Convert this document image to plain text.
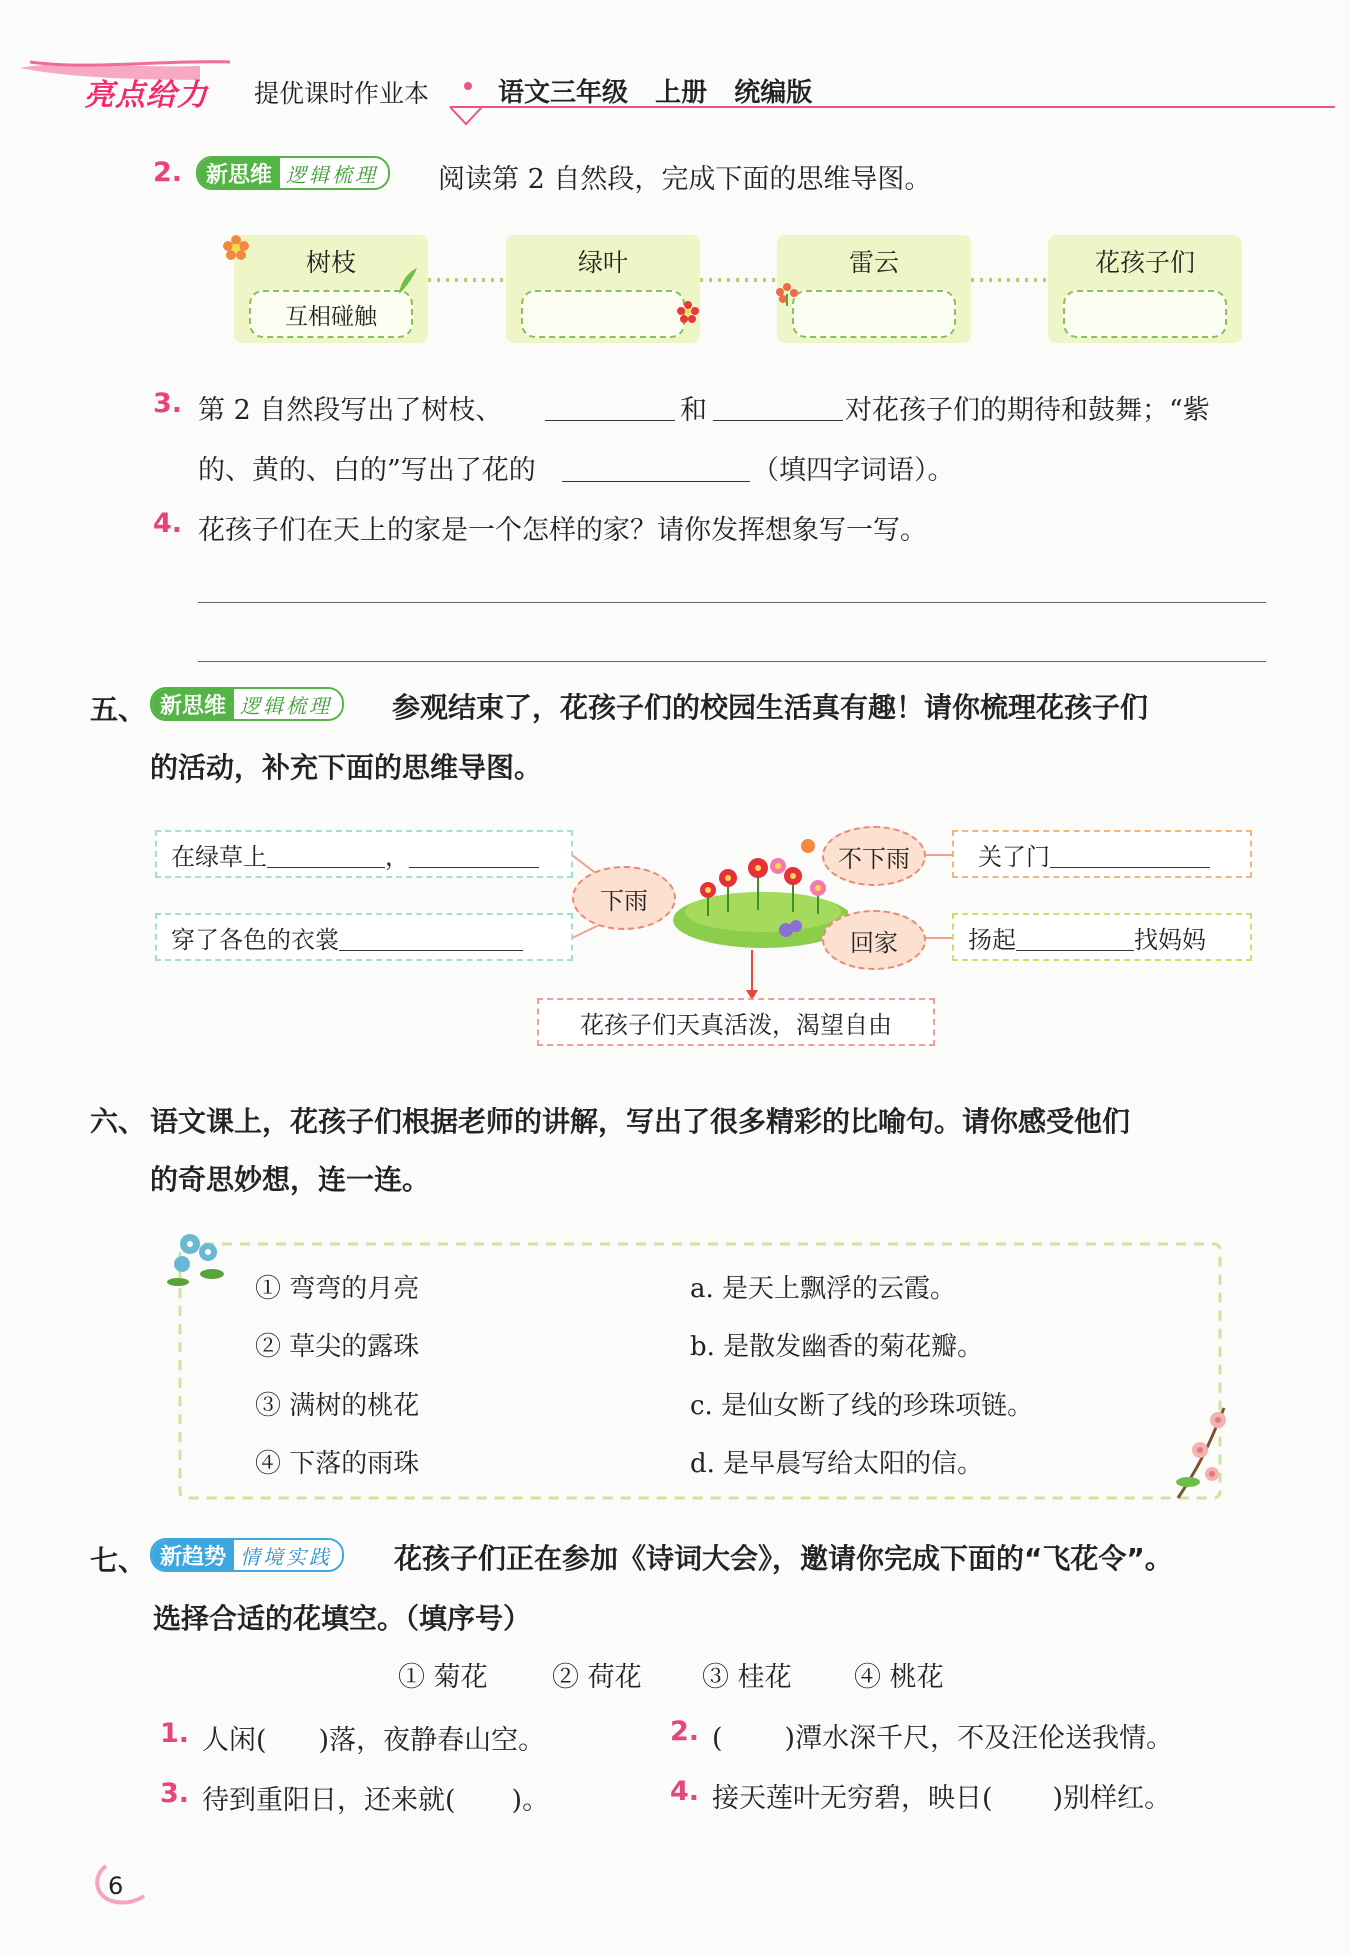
亮点给力 提优课时作业本	语文三年级   上册   统编版
2.	新思维 逻辑梳理	阅读第 2 自然段，完成下面的思维导图。
树枝
互相碰触
绿叶	雷云	花孩子们
3. 第 2 自然段写出了树枝、	和	对花孩子们的期待和鼓舞；“紫
的、黄的、白的”写出了花的	（填四字词语）。
4. 花孩子们在天上的家是一个怎样的家？请你发挥想象写一写。
五、 新思维 逻辑梳理	参观结束了，花孩子们的校园生活真有趣！请你梳理花孩子们
的活动，补充下面的思维导图。
在绿草上	，
穿了各色的衣裳
下雨
不下雨
回家
关了门
扬起	找妈妈
花孩子们天真活泼，渴望自由
六、 语文课上，花孩子们根据老师的讲解，写出了很多精彩的比喻句。请你感受他们
的奇思妙想，连一连。
① 弯弯的月亮
② 草尖的露珠
③ 满树的桃花
④ 下落的雨珠
a. 是天上飘浮的云霞。
b. 是散发幽香的菊花瓣。
c. 是仙女断了线的珍珠项链。
d. 是早晨写给太阳的信。
七、 新趋势 情境实践	花孩子们正在参加《诗词大会》，邀请你完成下面的“飞花令”。
选择合适的花填空。（填序号）
① 菊花 ② 荷花 ③ 桂花 ④ 桃花
1. 人闲( )落，夜静春山空。	2. ( )潭水深千尺，不及汪伦送我情。
3. 待到重阳日，还来就( )。	4. 接天莲叶无穷碧，映日( )别样红。
6
